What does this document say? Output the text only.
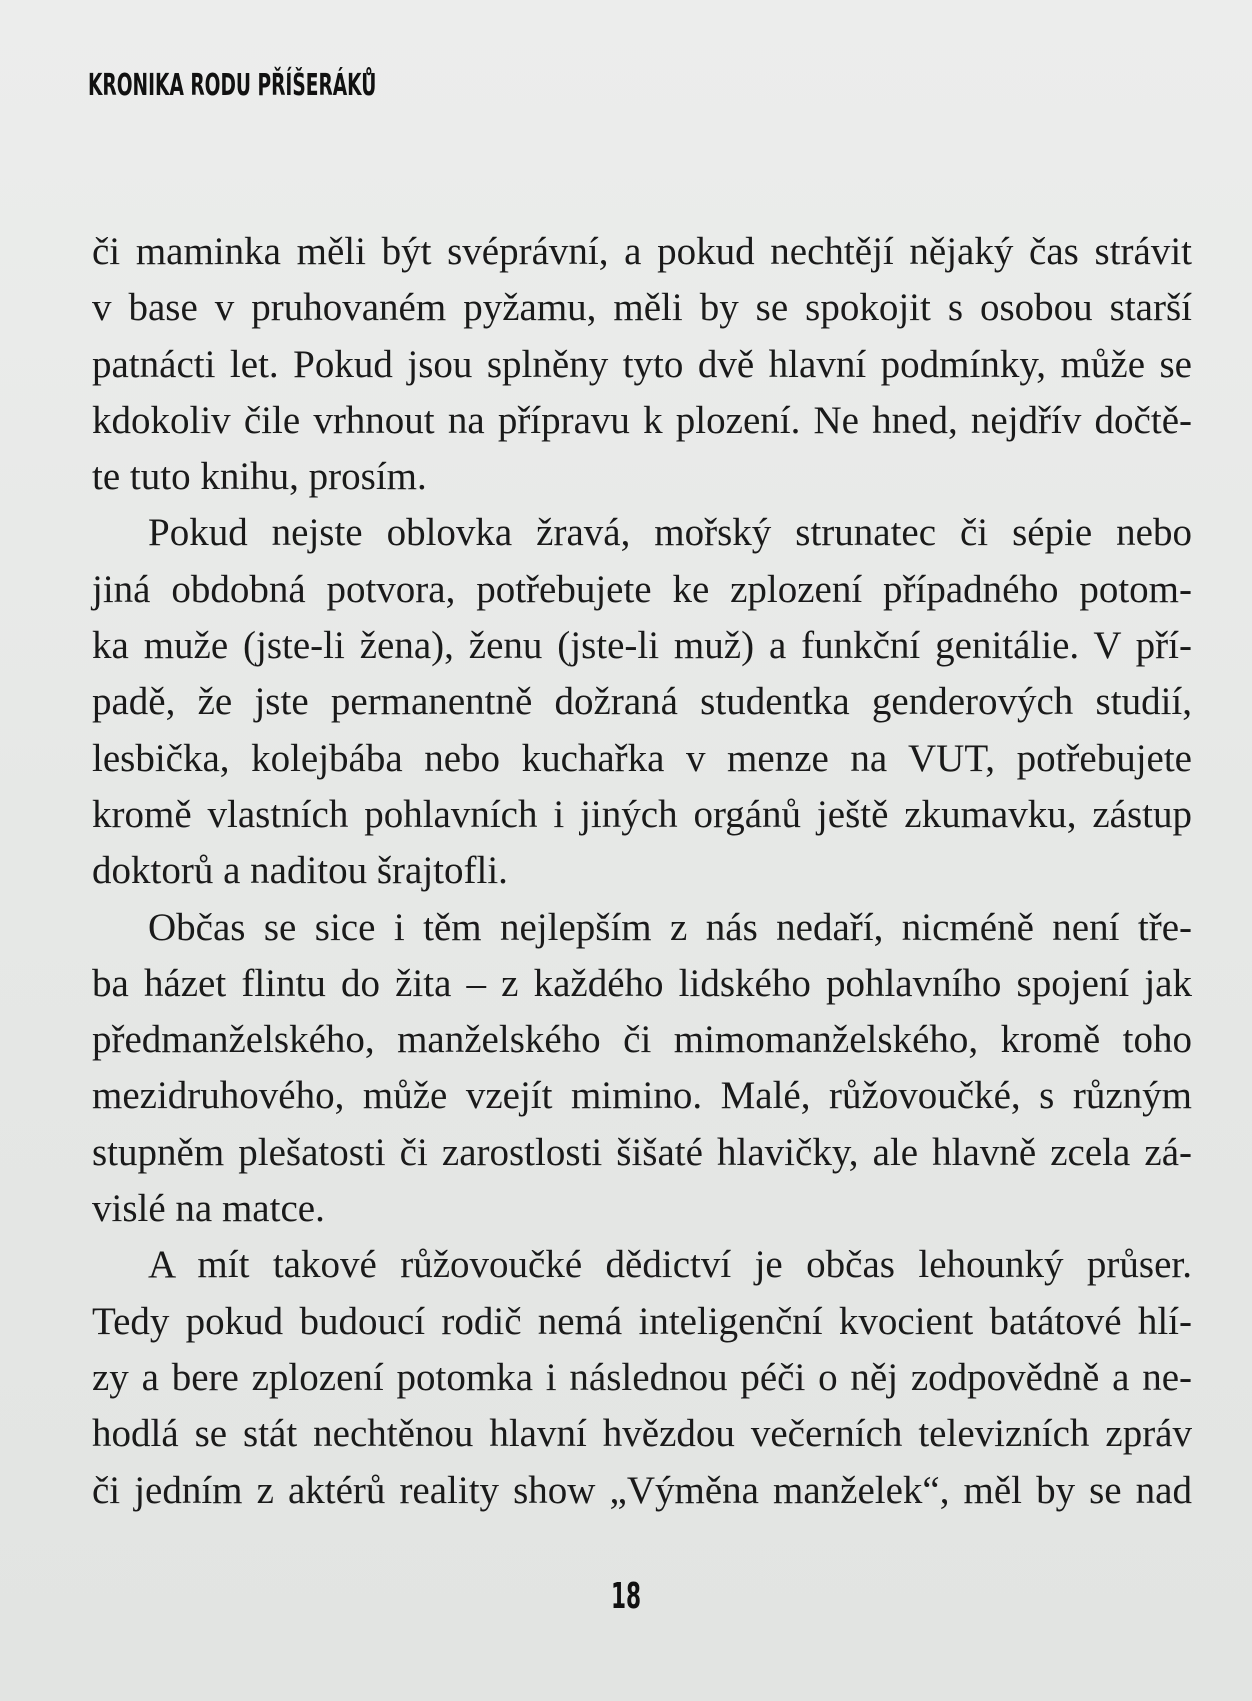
KRONIKA RODU PŘÍŠERÁKŮ
či maminka měli být svéprávní, a pokud nechtějí nějaký čas strávit
v base v pruhovaném pyžamu, měli by se spokojit s osobou starší
patnácti let. Pokud jsou splněny tyto dvě hlavní podmínky, může se
kdokoliv čile vrhnout na přípravu k plození. Ne hned, nejdřív dočtě-
te tuto knihu, prosím.
Pokud nejste oblovka žravá, mořský strunatec či sépie nebo
jiná obdobná potvora, potřebujete ke zplození případného potom-
ka muže (jste-li žena), ženu (jste-li muž) a funkční genitálie. V pří-
padě, že jste permanentně dožraná studentka genderových studií,
lesbička, kolejbába nebo kuchařka v menze na VUT, potřebujete
kromě vlastních pohlavních i jiných orgánů ještě zkumavku, zástup
doktorů a naditou šrajtofli.
Občas se sice i těm nejlepším z nás nedaří, nicméně není tře-
ba házet flintu do žita – z každého lidského pohlavního spojení jak
předmanželského, manželského či mimomanželského, kromě toho
mezidruhového, může vzejít mimino. Malé, růžovoučké, s různým
stupněm plešatosti či zarostlosti šišaté hlavičky, ale hlavně zcela zá-
vislé na matce.
A mít takové růžovoučké dědictví je občas lehounký průser.
Tedy pokud budoucí rodič nemá inteligenční kvocient batátové hlí-
zy a bere zplození potomka i následnou péči o něj zodpovědně a ne-
hodlá se stát nechtěnou hlavní hvězdou večerních televizních zpráv
či jedním z aktérů reality show „Výměna manželek“, měl by se nad
18
